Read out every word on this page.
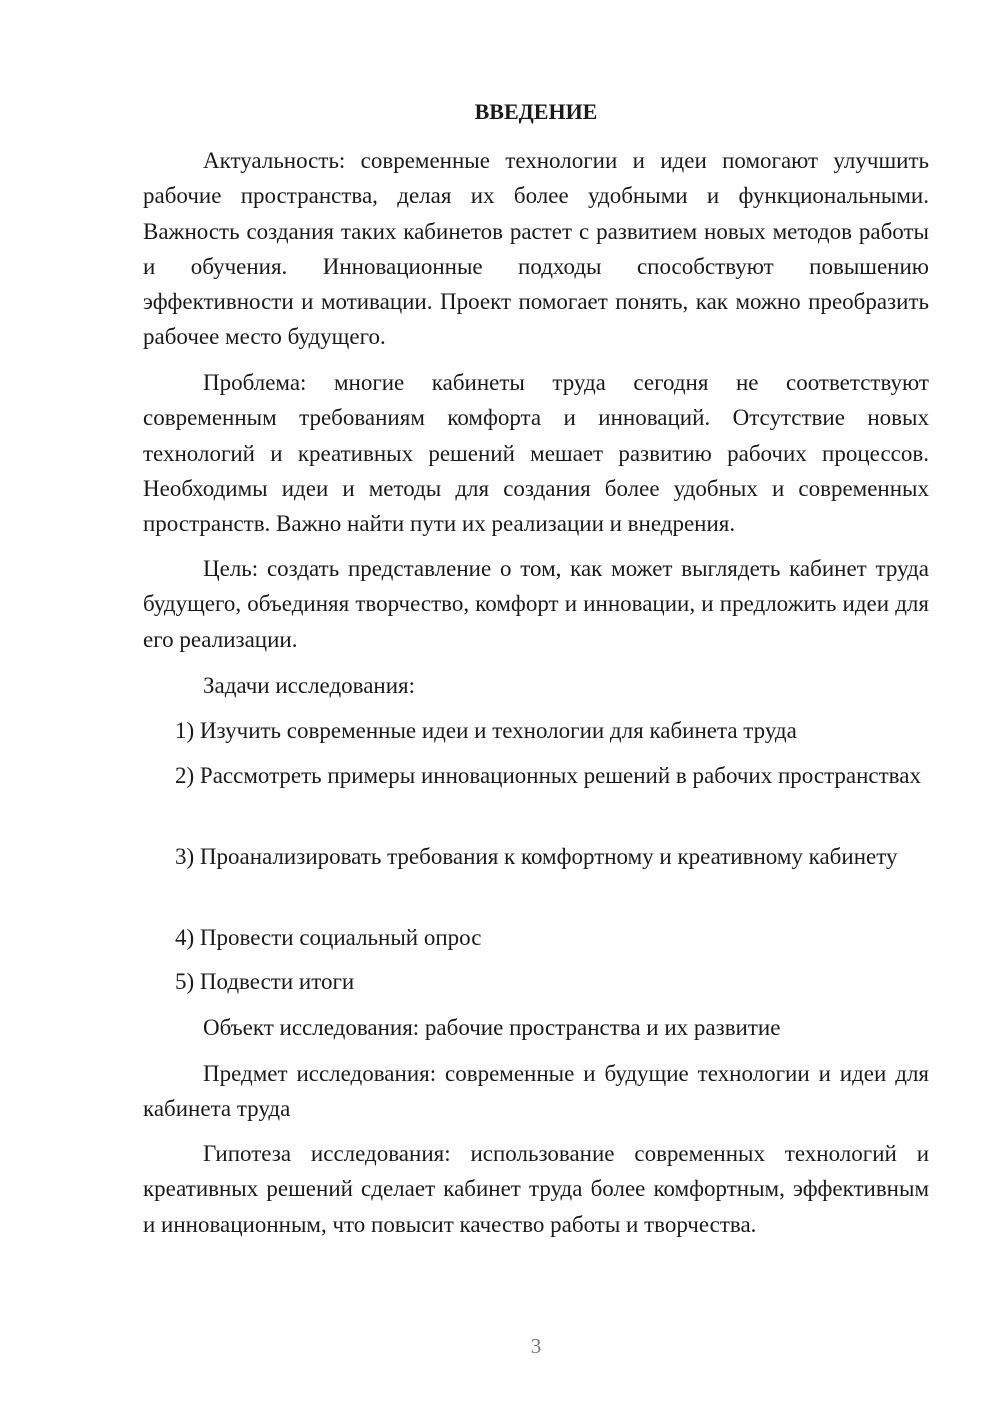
ВВЕДЕНИЕ

Актуальность: современные технологии и идеи помогают улучшить рабочие пространства, делая их более удобными и функциональными. Важность создания таких кабинетов растет с развитием новых методов работы и обучения. Инновационные подходы способствуют повышению эффективности и мотивации. Проект помогает понять, как можно преобразить рабочее место будущего.

Проблема: многие кабинеты труда сегодня не соответствуют современным требованиям комфорта и инноваций. Отсутствие новых технологий и креативных решений мешает развитию рабочих процессов. Необходимы идеи и методы для создания более удобных и современных пространств. Важно найти пути их реализации и внедрения.

Цель: создать представление о том, как может выглядеть кабинет труда будущего, объединяя творчество, комфорт и инновации, и предложить идеи для его реализации.

Задачи исследования:

1) Изучить современные идеи и технологии для кабинета труда

2) Рассмотреть примеры инновационных решений в рабочих пространствах

3) Проанализировать требования к комфортному и креативному кабинету

4) Провести социальный опрос

5) Подвести итоги

Объект исследования: рабочие пространства и их развитие

Предмет исследования: современные и будущие технологии и идеи для кабинета труда

Гипотеза исследования: использование современных технологий и креативных решений сделает кабинет труда более комфортным, эффективным и инновационным, что повысит качество работы и творчества.

3
